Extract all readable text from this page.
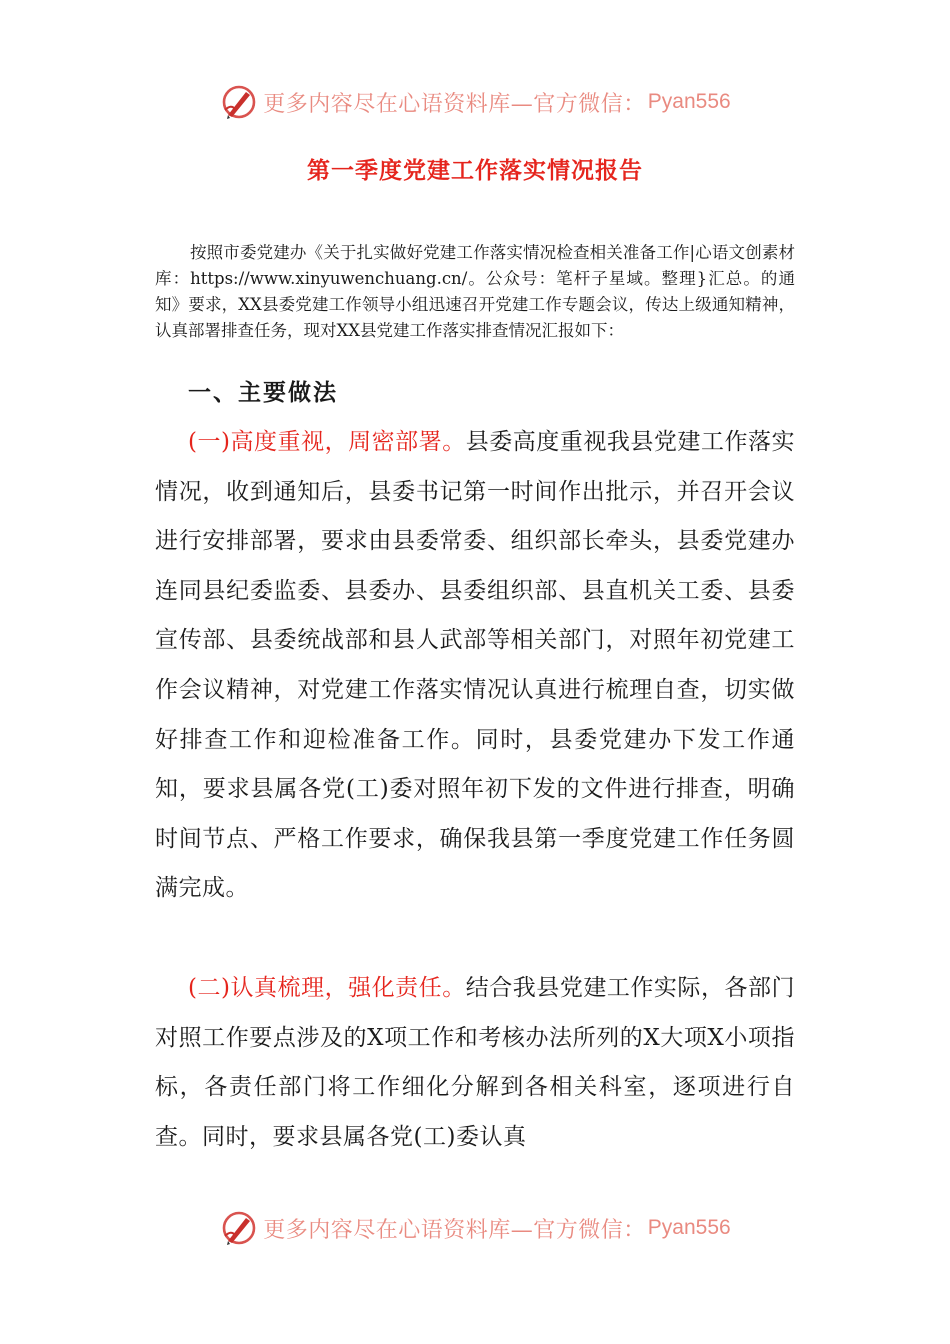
更多内容尽在心语资料库—官方微信： Pyan556
第一季度党建工作落实情况报告
按照市委党建办《关于扎实做好党建工作落实情况检查相关准备工作|心语文创素材库：https://www.xinyuwenchuang.cn/。公众号：笔杆子星域。整理}汇总。的通知》要求，XX县委党建工作领导小组迅速召开党建工作专题会议，传达上级通知精神，认真部署排查任务，现对XX县党建工作落实排查情况汇报如下：
一、主要做法
(一)高度重视，周密部署。县委高度重视我县党建工作落实情况，收到通知后，县委书记第一时间作出批示，并召开会议进行安排部署，要求由县委常委、组织部长牵头，县委党建办连同县纪委监委、县委办、县委组织部、县直机关工委、县委宣传部、县委统战部和县人武部等相关部门，对照年初党建工作会议精神，对党建工作落实情况认真进行梳理自查，切实做好排查工作和迎检准备工作。同时，县委党建办下发工作通知，要求县属各党(工)委对照年初下发的文件进行排查，明确时间节点、严格工作要求，确保我县第一季度党建工作任务圆满完成。
(二)认真梳理，强化责任。结合我县党建工作实际，各部门对照工作要点涉及的X项工作和考核办法所列的X大项X小项指标，各责任部门将工作细化分解到各相关科室，逐项进行自查。同时，要求县属各党(工)委认真
更多内容尽在心语资料库—官方微信： Pyan556
